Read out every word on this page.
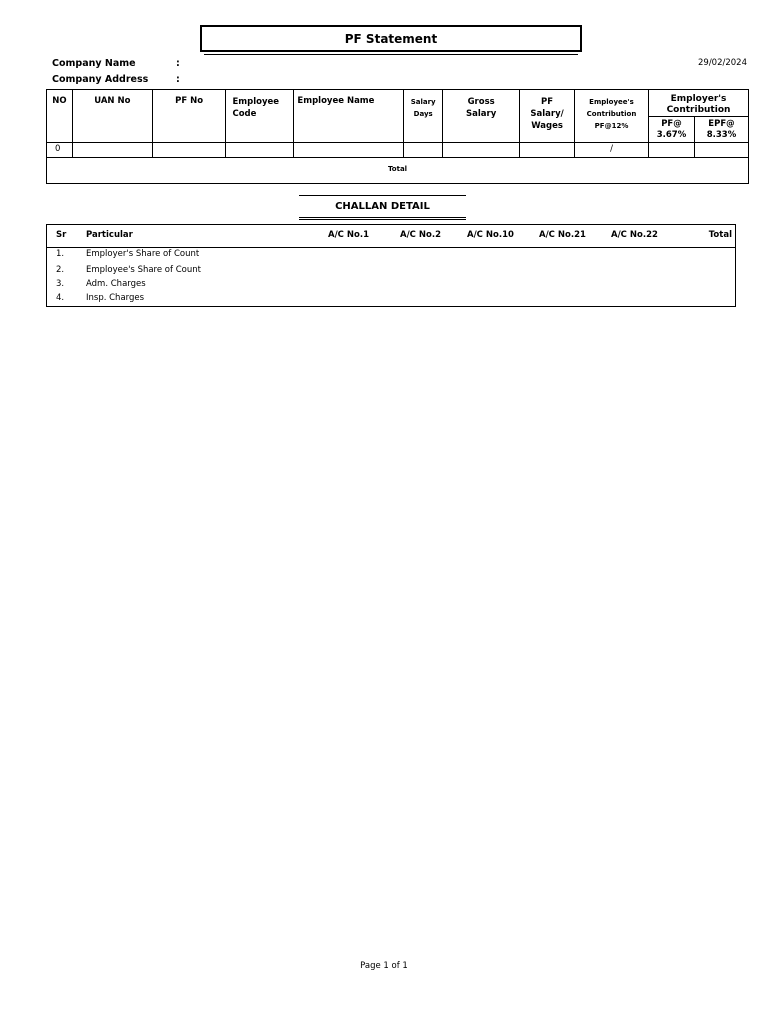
PF Statement
Company Name	:
Company Address	:
29/02/2024
NO	UAN No	PF No	Employee Code	Employee Name	Salary Days	Gross Salary	PF Salary/ Wages	Employee's Contribution PF@12%	Employer's Contribution	
									PF@ 3.67%	EPF@ 8.33%
0								/		
Total										
CHALLAN DETAIL
Sr Particular	A/C No.1	A/C No.2	A/C No.10	A/C No.21	A/C No.22	Total
1.	Employer's Share of Count
2.	Employee's Share of Count
3.	Adm. Charges
4.	Insp. Charges
Page 1 of 1
